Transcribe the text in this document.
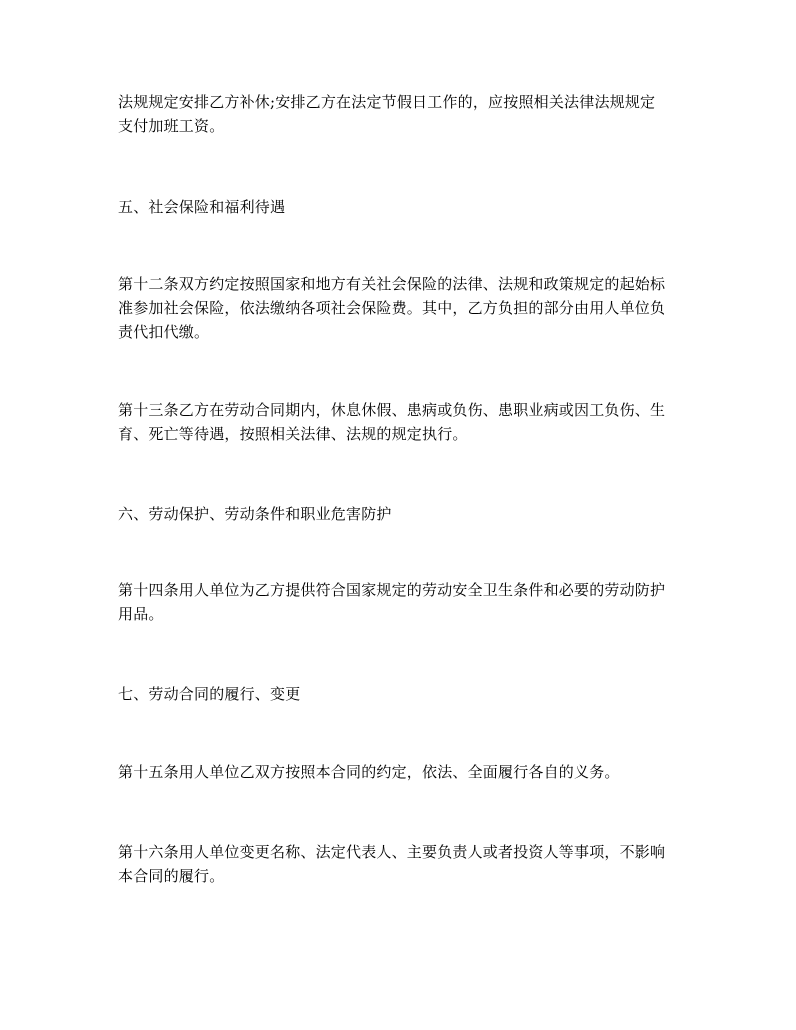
法规规定安排乙方补休;安排乙方在法定节假日工作的，应按照相关法律法规规定
支付加班工资。
五、社会保险和福利待遇
第十二条双方约定按照国家和地方有关社会保险的法律、法规和政策规定的起始标
准参加社会保险，依法缴纳各项社会保险费。其中，乙方负担的部分由用人单位负
责代扣代缴。
第十三条乙方在劳动合同期内，休息休假、患病或负伤、患职业病或因工负伤、生
育、死亡等待遇，按照相关法律、法规的规定执行。
六、劳动保护、劳动条件和职业危害防护
第十四条用人单位为乙方提供符合国家规定的劳动安全卫生条件和必要的劳动防护
用品。
七、劳动合同的履行、变更
第十五条用人单位乙双方按照本合同的约定，依法、全面履行各自的义务。
第十六条用人单位变更名称、法定代表人、主要负责人或者投资人等事项，不影响
本合同的履行。
